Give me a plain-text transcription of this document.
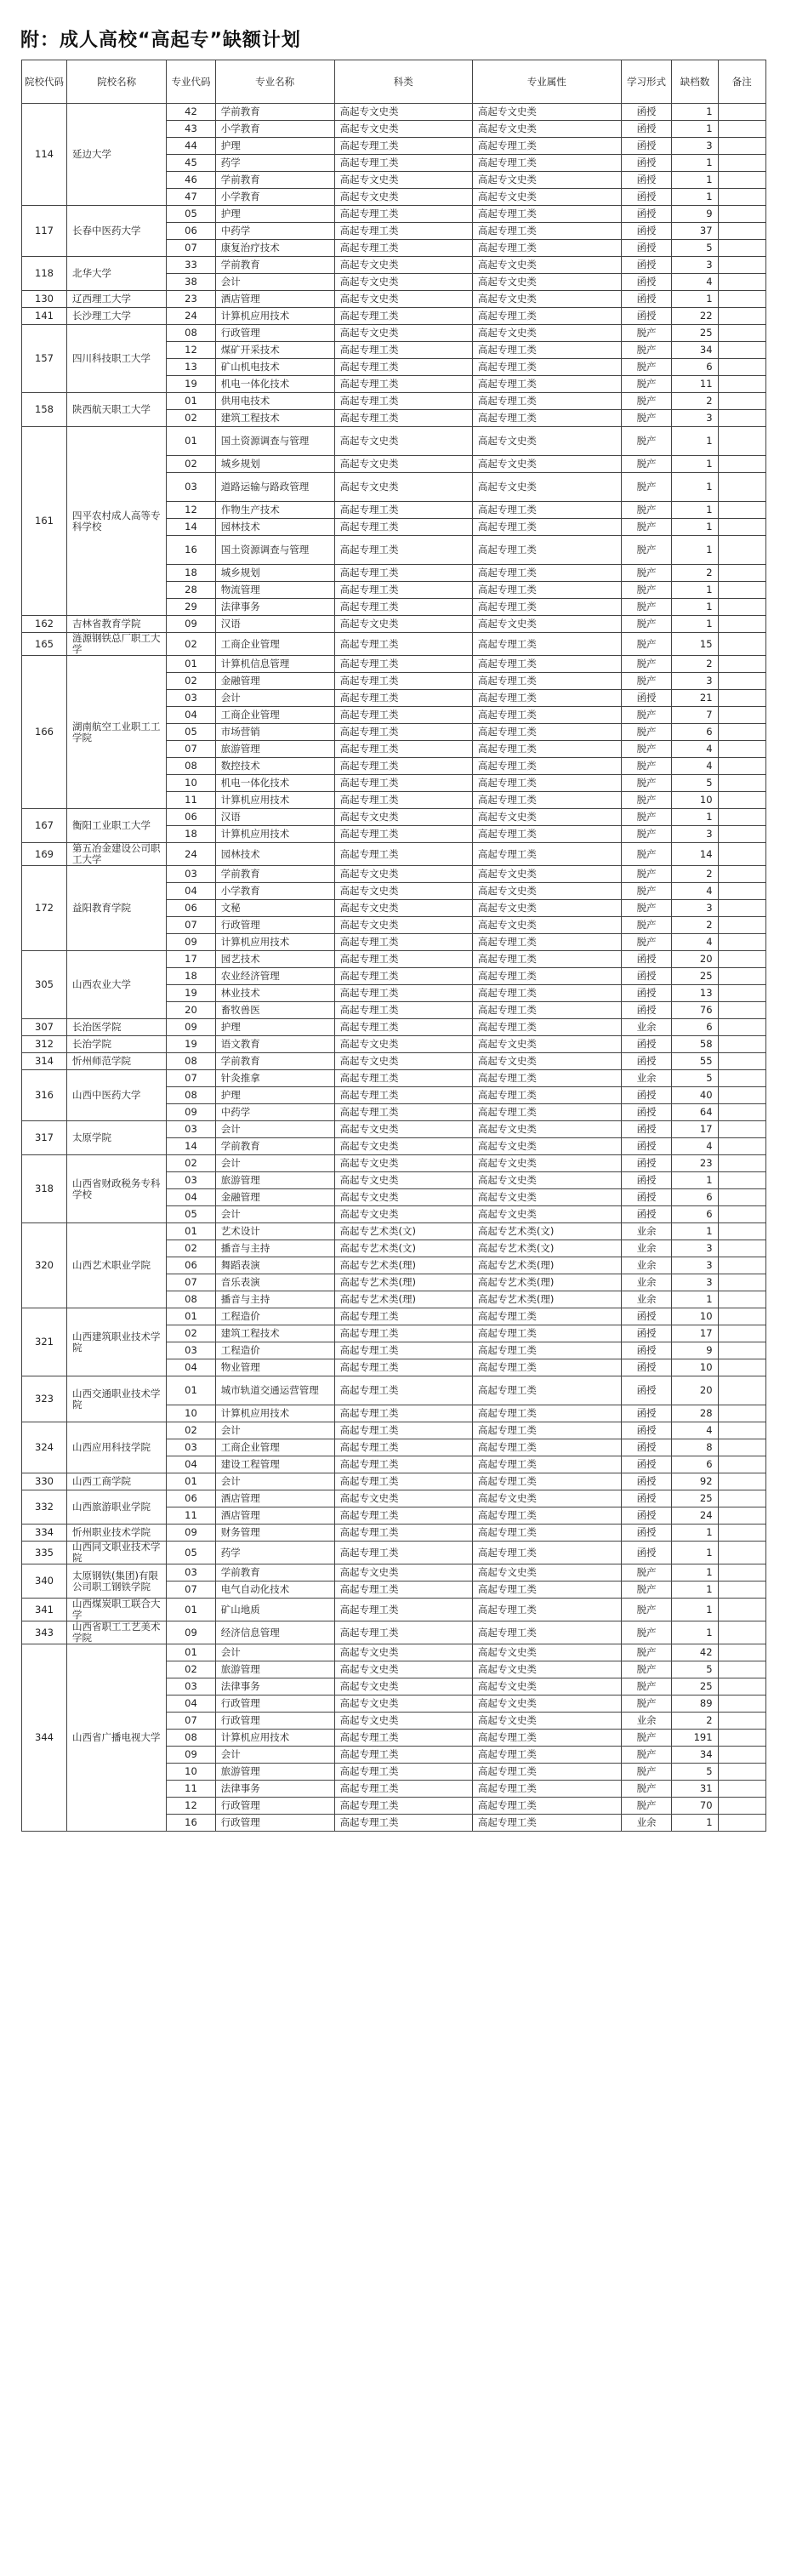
附：成人高校“高起专”缺额计划
院校代码	院校名称	专业代码	专业名称	科类	专业属性	学习形式	缺档数	备注
114	延边大学	42	学前教育	高起专文史类	高起专文史类	函授	1	
		43	小学教育	高起专文史类	高起专文史类	函授	1	
		44	护理	高起专理工类	高起专理工类	函授	3	
		45	药学	高起专理工类	高起专理工类	函授	1	
		46	学前教育	高起专文史类	高起专文史类	函授	1	
		47	小学教育	高起专文史类	高起专文史类	函授	1	
117	长春中医药大学	05	护理	高起专理工类	高起专理工类	函授	9	
		06	中药学	高起专理工类	高起专理工类	函授	37	
		07	康复治疗技术	高起专理工类	高起专理工类	函授	5	
118	北华大学	33	学前教育	高起专文史类	高起专文史类	函授	3	
		38	会计	高起专文史类	高起专文史类	函授	4	
130	辽西理工大学	23	酒店管理	高起专文史类	高起专文史类	函授	1	
141	长沙理工大学	24	计算机应用技术	高起专理工类	高起专理工类	函授	22	
157	四川科技职工大学	08	行政管理	高起专文史类	高起专文史类	脱产	25	
		12	煤矿开采技术	高起专理工类	高起专理工类	脱产	34	
		13	矿山机电技术	高起专理工类	高起专理工类	脱产	6	
		19	机电一体化技术	高起专理工类	高起专理工类	脱产	11	
158	陕西航天职工大学	01	供用电技术	高起专理工类	高起专理工类	脱产	2	
		02	建筑工程技术	高起专理工类	高起专理工类	脱产	3	
161	四平农村成人高等专科学校	01	国土资源调查与管理	高起专文史类	高起专文史类	脱产	1	
		02	城乡规划	高起专文史类	高起专文史类	脱产	1	
		03	道路运输与路政管理	高起专文史类	高起专文史类	脱产	1	
		12	作物生产技术	高起专理工类	高起专理工类	脱产	1	
		14	园林技术	高起专理工类	高起专理工类	脱产	1	
		16	国土资源调查与管理	高起专理工类	高起专理工类	脱产	1	
		18	城乡规划	高起专理工类	高起专理工类	脱产	2	
		28	物流管理	高起专理工类	高起专理工类	脱产	1	
		29	法律事务	高起专理工类	高起专理工类	脱产	1	
162	吉林省教育学院	09	汉语	高起专文史类	高起专文史类	脱产	1	
165	涟源钢铁总厂职工大学	02	工商企业管理	高起专理工类	高起专理工类	脱产	15	
166	湖南航空工业职工工学院	01	计算机信息管理	高起专理工类	高起专理工类	脱产	2	
		02	金融管理	高起专理工类	高起专理工类	脱产	3	
		03	会计	高起专理工类	高起专理工类	函授	21	
		04	工商企业管理	高起专理工类	高起专理工类	脱产	7	
		05	市场营销	高起专理工类	高起专理工类	脱产	6	
		07	旅游管理	高起专理工类	高起专理工类	脱产	4	
		08	数控技术	高起专理工类	高起专理工类	脱产	4	
		10	机电一体化技术	高起专理工类	高起专理工类	脱产	5	
		11	计算机应用技术	高起专理工类	高起专理工类	脱产	10	
167	衡阳工业职工大学	06	汉语	高起专文史类	高起专文史类	脱产	1	
		18	计算机应用技术	高起专理工类	高起专理工类	脱产	3	
169	第五冶金建设公司职工大学	24	园林技术	高起专理工类	高起专理工类	脱产	14	
172	益阳教育学院	03	学前教育	高起专文史类	高起专文史类	脱产	2	
		04	小学教育	高起专文史类	高起专文史类	脱产	4	
		06	文秘	高起专文史类	高起专文史类	脱产	3	
		07	行政管理	高起专文史类	高起专文史类	脱产	2	
		09	计算机应用技术	高起专理工类	高起专理工类	脱产	4	
305	山西农业大学	17	园艺技术	高起专理工类	高起专理工类	函授	20	
		18	农业经济管理	高起专理工类	高起专理工类	函授	25	
		19	林业技术	高起专理工类	高起专理工类	函授	13	
		20	畜牧兽医	高起专理工类	高起专理工类	函授	76	
307	长治医学院	09	护理	高起专理工类	高起专理工类	业余	6	
312	长治学院	19	语文教育	高起专文史类	高起专文史类	函授	58	
314	忻州师范学院	08	学前教育	高起专文史类	高起专文史类	函授	55	
316	山西中医药大学	07	针灸推拿	高起专理工类	高起专理工类	业余	5	
		08	护理	高起专理工类	高起专理工类	函授	40	
		09	中药学	高起专理工类	高起专理工类	函授	64	
317	太原学院	03	会计	高起专文史类	高起专文史类	函授	17	
		14	学前教育	高起专文史类	高起专文史类	函授	4	
318	山西省财政税务专科学校	02	会计	高起专文史类	高起专文史类	函授	23	
		03	旅游管理	高起专文史类	高起专文史类	函授	1	
		04	金融管理	高起专文史类	高起专文史类	函授	6	
		05	会计	高起专文史类	高起专文史类	函授	6	
320	山西艺术职业学院	01	艺术设计	高起专艺术类(文)	高起专艺术类(文)	业余	1	
		02	播音与主持	高起专艺术类(文)	高起专艺术类(文)	业余	3	
		06	舞蹈表演	高起专艺术类(理)	高起专艺术类(理)	业余	3	
		07	音乐表演	高起专艺术类(理)	高起专艺术类(理)	业余	3	
		08	播音与主持	高起专艺术类(理)	高起专艺术类(理)	业余	1	
321	山西建筑职业技术学院	01	工程造价	高起专理工类	高起专理工类	函授	10	
		02	建筑工程技术	高起专理工类	高起专理工类	函授	17	
		03	工程造价	高起专理工类	高起专理工类	函授	9	
		04	物业管理	高起专理工类	高起专理工类	函授	10	
323	山西交通职业技术学院	01	城市轨道交通运营管理	高起专理工类	高起专理工类	函授	20	
		10	计算机应用技术	高起专理工类	高起专理工类	函授	28	
324	山西应用科技学院	02	会计	高起专理工类	高起专理工类	函授	4	
		03	工商企业管理	高起专理工类	高起专理工类	函授	8	
		04	建设工程管理	高起专理工类	高起专理工类	函授	6	
330	山西工商学院	01	会计	高起专理工类	高起专理工类	函授	92	
332	山西旅游职业学院	06	酒店管理	高起专文史类	高起专文史类	函授	25	
		11	酒店管理	高起专理工类	高起专理工类	函授	24	
334	忻州职业技术学院	09	财务管理	高起专理工类	高起专理工类	函授	1	
335	山西同文职业技术学院	05	药学	高起专理工类	高起专理工类	函授	1	
340	太原钢铁(集团)有限公司职工钢铁学院	03	学前教育	高起专文史类	高起专文史类	脱产	1	
		07	电气自动化技术	高起专理工类	高起专理工类	脱产	1	
341	山西煤炭职工联合大学	01	矿山地质	高起专理工类	高起专理工类	脱产	1	
343	山西省职工工艺美术学院	09	经济信息管理	高起专理工类	高起专理工类	脱产	1	
344	山西省广播电视大学	01	会计	高起专文史类	高起专文史类	脱产	42	
		02	旅游管理	高起专文史类	高起专文史类	脱产	5	
		03	法律事务	高起专文史类	高起专文史类	脱产	25	
		04	行政管理	高起专文史类	高起专文史类	脱产	89	
		07	行政管理	高起专文史类	高起专文史类	业余	2	
		08	计算机应用技术	高起专理工类	高起专理工类	脱产	191	
		09	会计	高起专理工类	高起专理工类	脱产	34	
		10	旅游管理	高起专理工类	高起专理工类	脱产	5	
		11	法律事务	高起专理工类	高起专理工类	脱产	31	
		12	行政管理	高起专理工类	高起专理工类	脱产	70	
		16	行政管理	高起专理工类	高起专理工类	业余	1	
